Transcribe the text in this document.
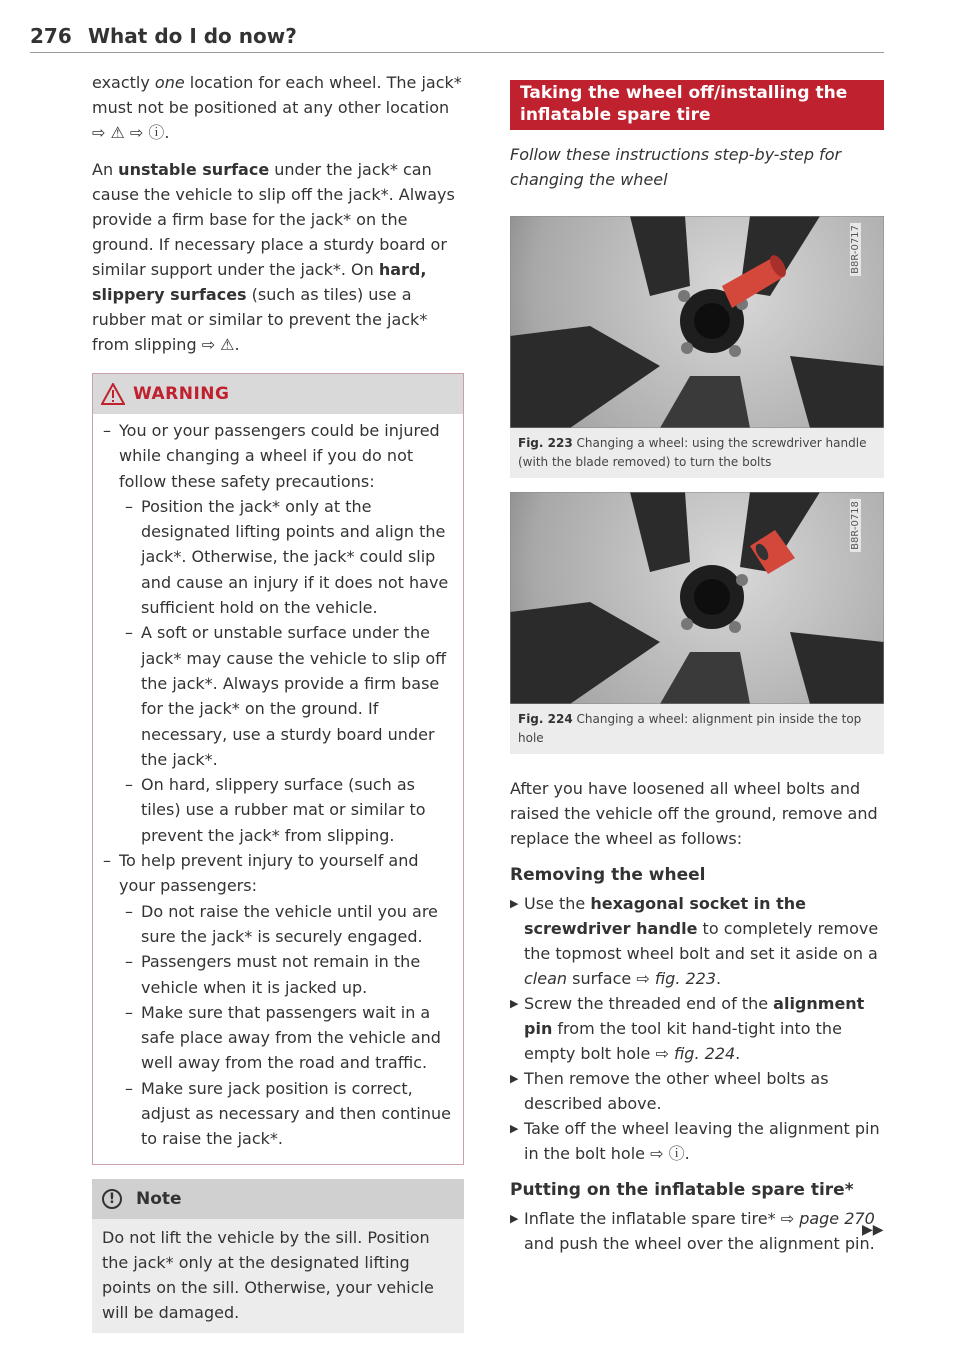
276 What do I do now?

exactly one location for each wheel. The jack* must not be positioned at any other location ⇨ ⚠ ⇨ ⓘ.

An unstable surface under the jack* can cause the vehicle to slip off the jack*. Always provide a firm base for the jack* on the ground. If necessary place a sturdy board or similar support under the jack*. On hard, slippery surfaces (such as tiles) use a rubber mat or similar to prevent the jack* from slipping ⇨ ⚠.

WARNING
– You or your passengers could be injured while changing a wheel if you do not follow these safety precautions:
– Position the jack* only at the designated lifting points and align the jack*. Otherwise, the jack* could slip and cause an injury if it does not have sufficient hold on the vehicle.
– A soft or unstable surface under the jack* may cause the vehicle to slip off the jack*. Always provide a firm base for the jack* on the ground. If necessary, use a sturdy board under the jack*.
– On hard, slippery surface (such as tiles) use a rubber mat or similar to prevent the jack* from slipping.
– To help prevent injury to yourself and your passengers:
– Do not raise the vehicle until you are sure the jack* is securely engaged.
– Passengers must not remain in the vehicle when it is jacked up.
– Make sure that passengers wait in a safe place away from the vehicle and well away from the road and traffic.
– Make sure jack position is correct, adjust as necessary and then continue to raise the jack*.
!	Note
Do not lift the vehicle by the sill. Position the jack* only at the designated lifting points on the sill. Otherwise, your vehicle will be damaged.
Taking the wheel off/installing the inflatable spare tire
Follow these instructions step-by-step for changing the wheel
B8R-0717
Fig. 223 Changing a wheel: using the screwdriver handle (with the blade removed) to turn the bolts
B8R-0718
Fig. 224 Changing a wheel: alignment pin inside the top hole

After you have loosened all wheel bolts and raised the vehicle off the ground, remove and replace the wheel as follows:

Removing the wheel
▶ Use the hexagonal socket in the screwdriver handle to completely remove the topmost wheel bolt and set it aside on a clean surface ⇨ fig. 223.
▶ Screw the threaded end of the alignment pin from the tool kit hand-tight into the empty bolt hole ⇨ fig. 224.
▶ Then remove the other wheel bolts as described above.
▶ Take off the wheel leaving the alignment pin in the bolt hole ⇨ ⓘ.
Putting on the inflatable spare tire*
▶ Inflate the inflatable spare tire* ⇨ page 270 and push the wheel over the alignment pin.
▶▶
